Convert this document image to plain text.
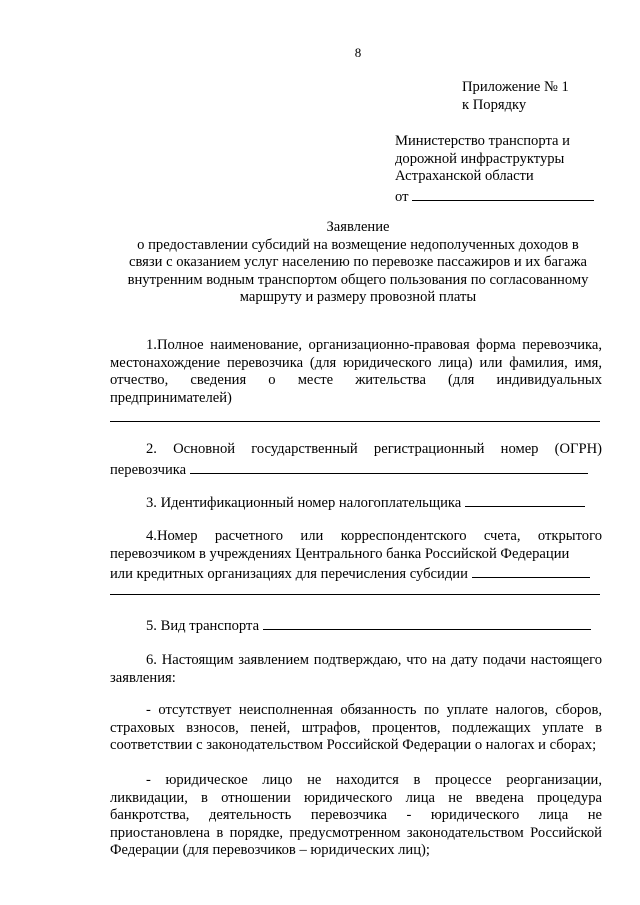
8
Приложение № 1
к Порядку
Министерство транспорта и
дорожной инфраструктуры
Астраханской области
от
Заявление
о предоставлении субсидий на возмещение недополученных доходов в
связи с оказанием услуг населению по перевозке пассажиров и их багажа
внутренним водным транспортом общего пользования по согласованному
маршруту и размеру провозной платы

1.Полное наименование, организационно-правовая форма перевозчика, местонахождение перевозчика (для юридического лица) или фамилия, имя, отчество, сведения о месте жительства (для индивидуальных предпринимателей)

2. Основной государственный регистрационный номер (ОГРН)

перевозчика

3. Идентификационный номер налогоплательщика

4.Номер расчетного или корреспондентского счета, открытого перевозчиком в учреждениях Центрального банка Российской Федерации

или кредитных организациях для перечисления субсидии

5. Вид транспорта

6. Настоящим заявлением подтверждаю, что на дату подачи настоящего заявления:

- отсутствует неисполненная обязанность по уплате налогов, сборов, страховых взносов, пеней, штрафов, процентов, подлежащих уплате в соответствии с законодательством Российской Федерации о налогах и сборах;

- юридическое лицо не находится в процессе реорганизации, ликвидации, в отношении юридического лица не введена процедура банкротства, деятельность перевозчика - юридического лица не приостановлена в порядке, предусмотренном законодательством Российской Федерации (для перевозчиков – юридических лиц);
